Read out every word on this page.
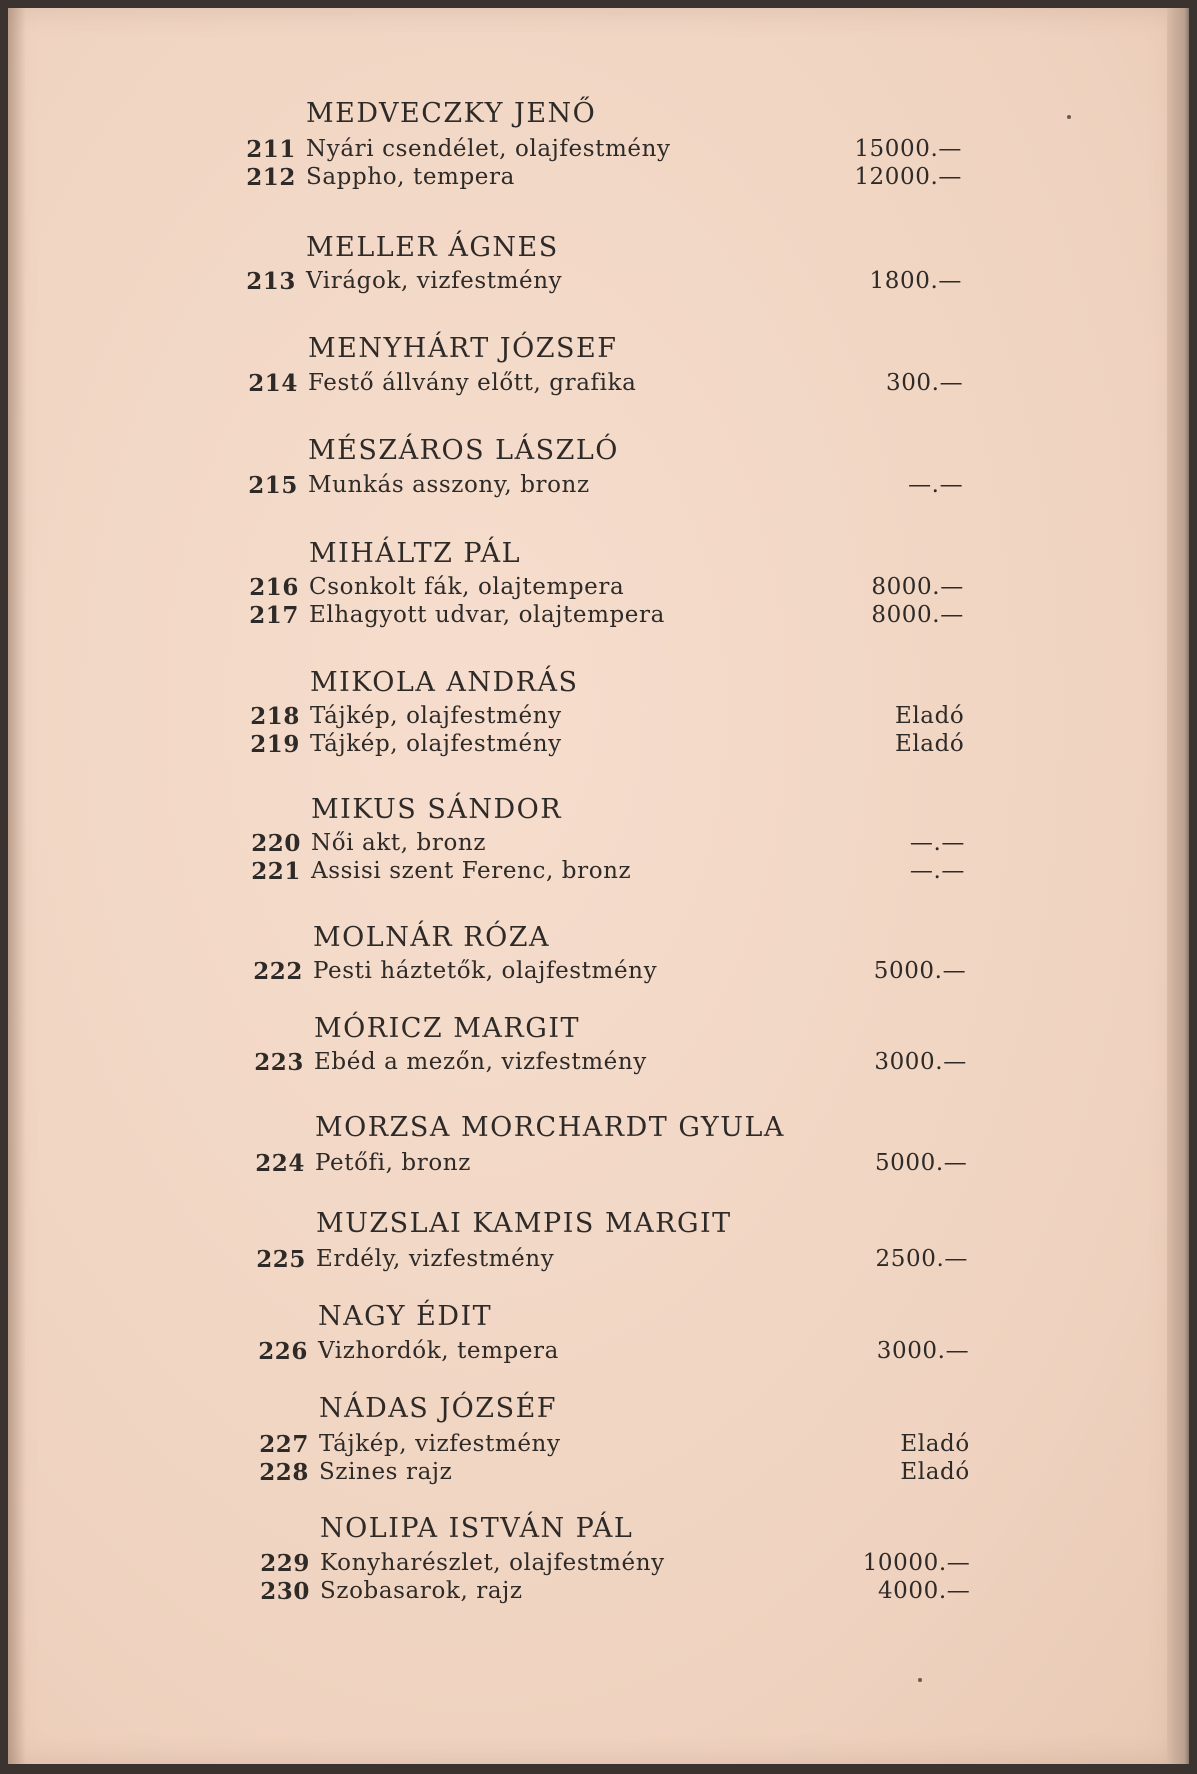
MEDVECZKY JENŐ
211 Nyári csendélet, olajfestmény	15000.—
212 Sappho, tempera	12000.—
MELLER ÁGNES
213 Virágok, vizfestmény	1800.—
MENYHÁRT JÓZSEF
214 Festő állvány előtt, grafika	300.—
MÉSZÁROS LÁSZLÓ
215 Munkás asszony, bronz	—.—
MIHÁLTZ PÁL
216 Csonkolt fák, olajtempera	8000.—
217 Elhagyott udvar, olajtempera	8000.—
MIKOLA ANDRÁS
218 Tájkép, olajfestmény	Eladó
219 Tájkép, olajfestmény	Eladó
MIKUS SÁNDOR
220 Női akt, bronz	—.—
221 Assisi szent Ferenc, bronz	—.—
MOLNÁR RÓZA
222 Pesti háztetők, olajfestmény	5000.—
MÓRICZ MARGIT
223 Ebéd a mezőn, vizfestmény	3000.—
MORZSA MORCHARDT GYULA
224 Petőfi, bronz	5000.—
MUZSLAI KAMPIS MARGIT
225 Erdély, vizfestmény	2500.—
NAGY ÉDIT
226 Vizhordók, tempera	3000.—
NÁDAS JÓZSÉF
227 Tájkép, vizfestmény	Eladó
228 Szines rajz	Eladó
NOLIPA ISTVÁN PÁL
229 Konyharészlet, olajfestmény	10000.—
230 Szobasarok, rajz	4000.—
